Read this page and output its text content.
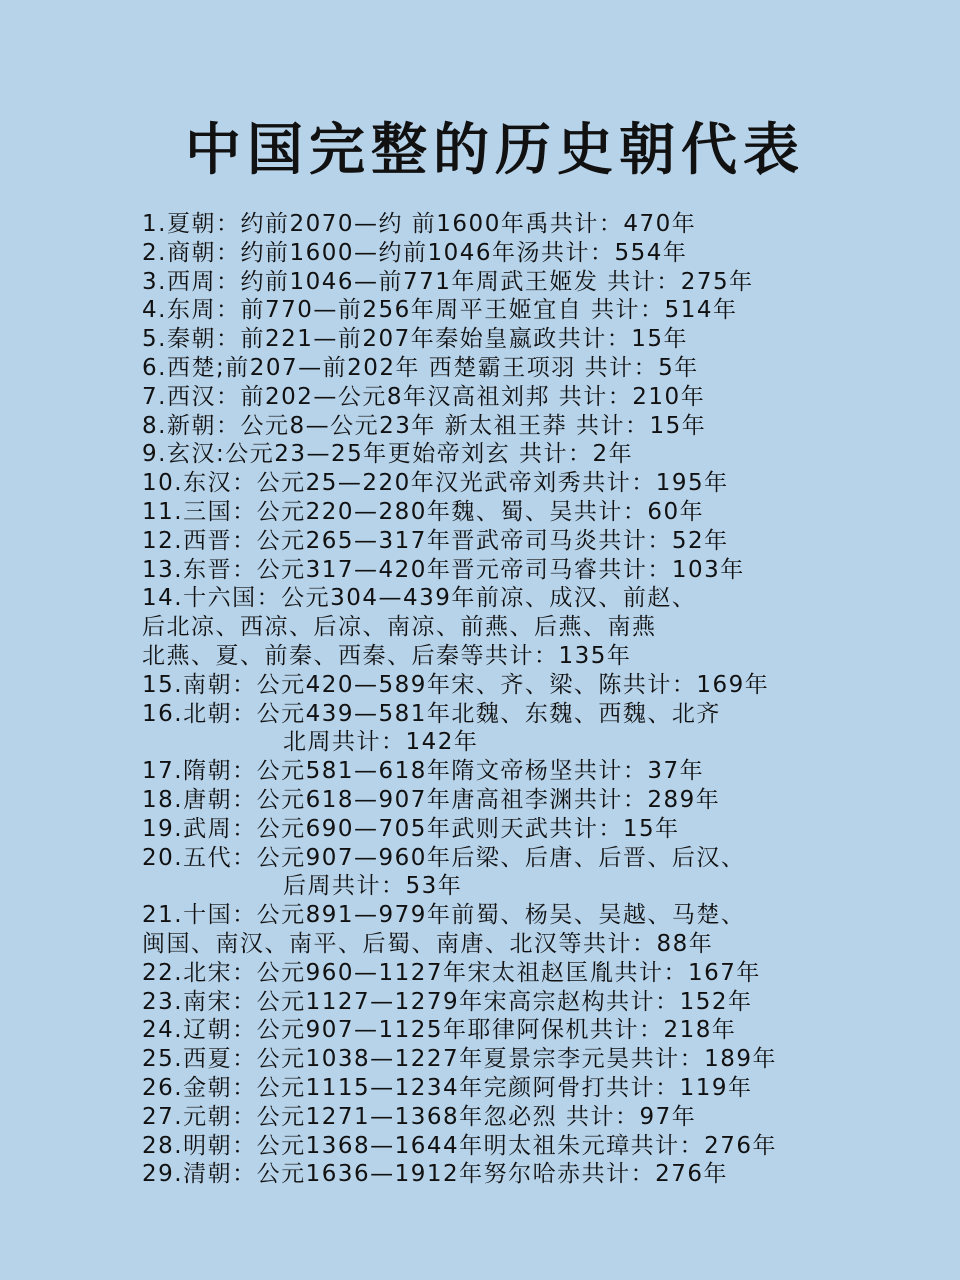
中国完整的历史朝代表
1.夏朝：约前2070—约 前1600年禹共计：470年
2.商朝：约前1600—约前1046年汤共计：554年
3.西周：约前1046—前771年周武王姬发 共计：275年
4.东周：前770—前256年周平王姬宜自 共计：514年
5.秦朝：前221—前207年秦始皇嬴政共计：15年
6.西楚;前207—前202年 西楚霸王项羽 共计：5年
7.西汉：前202—公元8年汉高祖刘邦 共计：210年
8.新朝：公元8—公元23年 新太祖王莽 共计：15年
9.玄汉:公元23—25年更始帝刘玄 共计：2年
10.东汉：公元25—220年汉光武帝刘秀共计：195年
11.三国：公元220—280年魏、蜀、吴共计：60年
12.西晋：公元265—317年晋武帝司马炎共计：52年
13.东晋：公元317—420年晋元帝司马睿共计：103年
14.十六国：公元304—439年前凉、成汉、前赵、
后北凉、西凉、后凉、南凉、前燕、后燕、南燕
北燕、夏、前秦、西秦、后秦等共计：135年
15.南朝：公元420—589年宋、齐、梁、陈共计：169年
16.北朝：公元439—581年北魏、东魏、西魏、北齐
北周共计：142年
17.隋朝：公元581—618年隋文帝杨坚共计：37年
18.唐朝：公元618—907年唐高祖李渊共计：289年
19.武周：公元690—705年武则天武共计：15年
20.五代：公元907—960年后梁、后唐、后晋、后汉、
后周共计：53年
21.十国：公元891—979年前蜀、杨吴、吴越、马楚、
闽国、南汉、南平、后蜀、南唐、北汉等共计：88年
22.北宋：公元960—1127年宋太祖赵匡胤共计：167年
23.南宋：公元1127—1279年宋高宗赵构共计：152年
24.辽朝：公元907—1125年耶律阿保机共计：218年
25.西夏：公元1038—1227年夏景宗李元昊共计：189年
26.金朝：公元1115—1234年完颜阿骨打共计：119年
27.元朝：公元1271—1368年忽必烈 共计：97年
28.明朝：公元1368—1644年明太祖朱元璋共计：276年
29.清朝：公元1636—1912年努尔哈赤共计：276年
